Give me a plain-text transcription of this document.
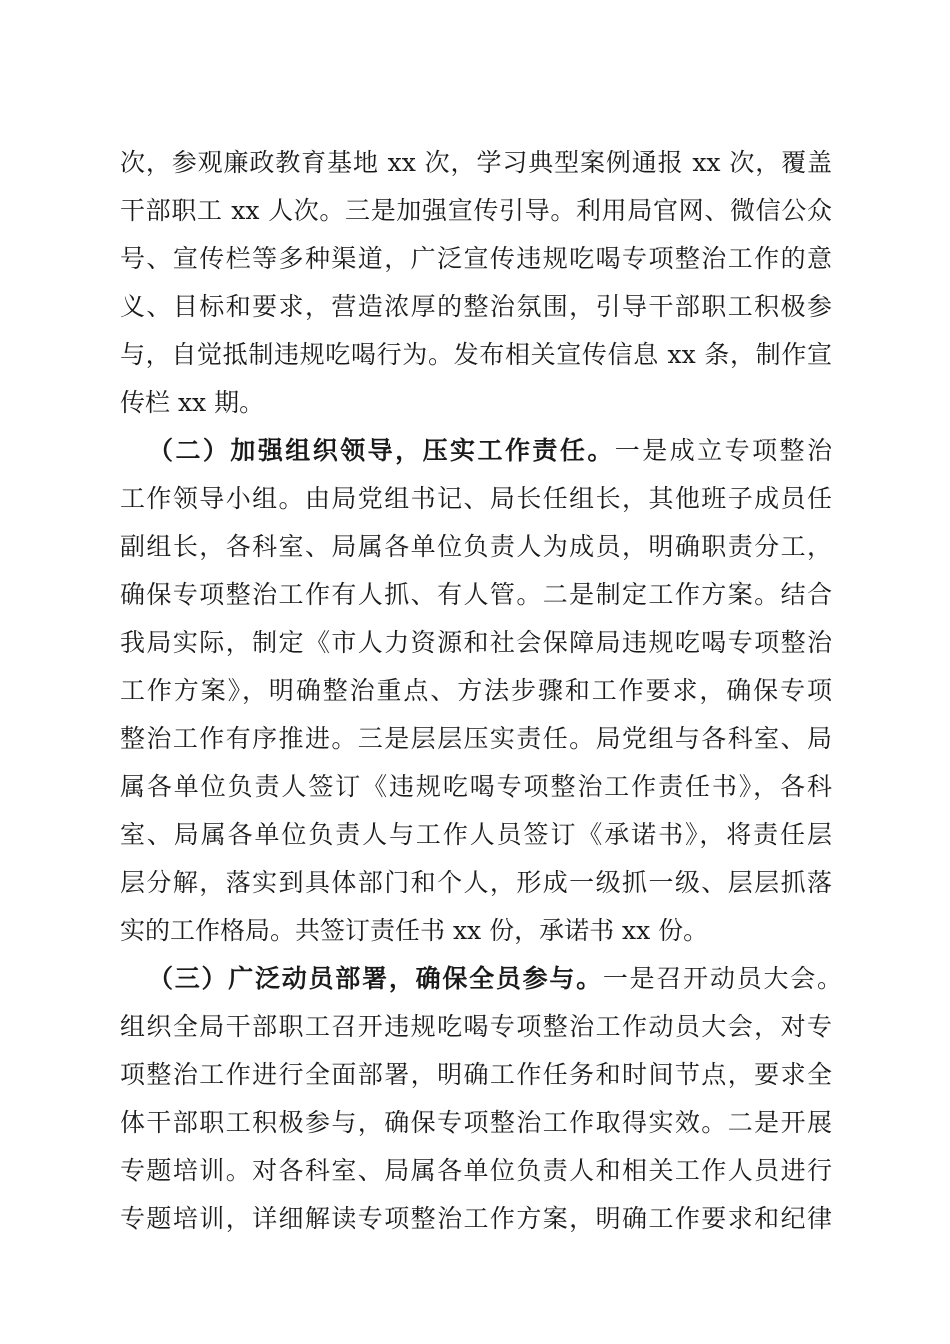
次，参观廉政教育基地 xx 次，学习典型案例通报 xx 次，覆盖

干部职工 xx 人次。三是加强宣传引导。利用局官网、微信公众

号、宣传栏等多种渠道，广泛宣传违规吃喝专项整治工作的意

义、目标和要求，营造浓厚的整治氛围，引导干部职工积极参

与，自觉抵制违规吃喝行为。发布相关宣传信息 xx 条，制作宣

传栏 xx 期。

（二）加强组织领导，压实工作责任。一是成立专项整治

工作领导小组。由局党组书记、局长任组长，其他班子成员任

副组长，各科室、局属各单位负责人为成员，明确职责分工，

确保专项整治工作有人抓、有人管。二是制定工作方案。结合

我局实际，制定《市人力资源和社会保障局违规吃喝专项整治

工作方案》，明确整治重点、方法步骤和工作要求，确保专项

整治工作有序推进。三是层层压实责任。局党组与各科室、局

属各单位负责人签订《违规吃喝专项整治工作责任书》，各科

室、局属各单位负责人与工作人员签订《承诺书》，将责任层

层分解，落实到具体部门和个人，形成一级抓一级、层层抓落

实的工作格局。共签订责任书 xx 份，承诺书 xx 份。

（三）广泛动员部署，确保全员参与。一是召开动员大会。

组织全局干部职工召开违规吃喝专项整治工作动员大会，对专

项整治工作进行全面部署，明确工作任务和时间节点，要求全

体干部职工积极参与，确保专项整治工作取得实效。二是开展

专题培训。对各科室、局属各单位负责人和相关工作人员进行

专题培训，详细解读专项整治工作方案，明确工作要求和纪律
